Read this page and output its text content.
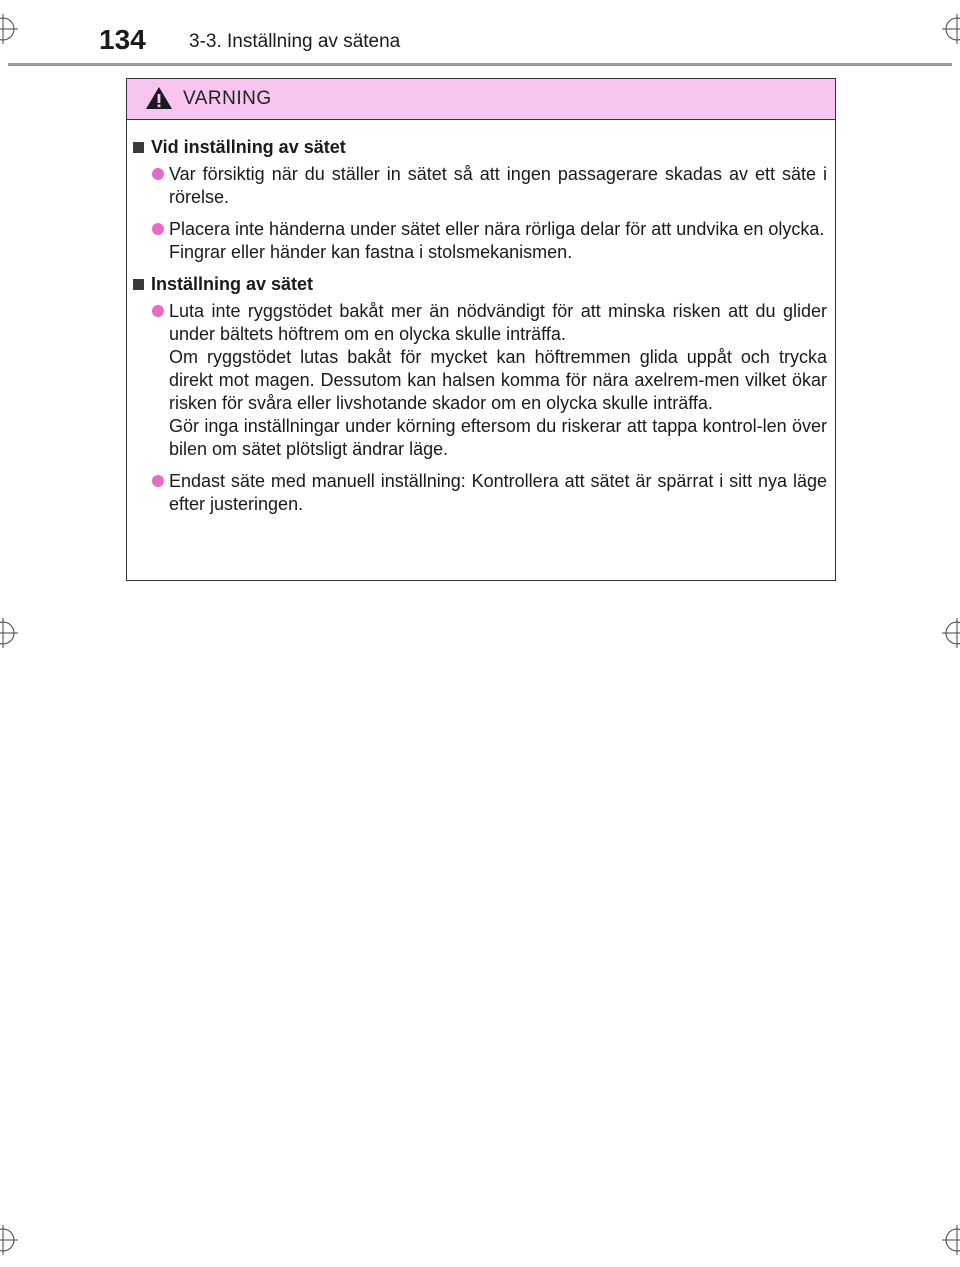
134 3-3. Inställning av sätena
VARNING
Vid inställning av sätet

Var försiktig när du ställer in sätet så att ingen passagerare skadas av ett säte i rörelse.

Placera inte händerna under sätet eller nära rörliga delar för att undvika en olycka.

Fingrar eller händer kan fastna i stolsmekanismen.

Inställning av sätet

Luta inte ryggstödet bakåt mer än nödvändigt för att minska risken att du glider under bältets höftrem om en olycka skulle inträffa.

Om ryggstödet lutas bakåt för mycket kan höftremmen glida uppåt och trycka direkt mot magen. Dessutom kan halsen komma för nära axelrem-men vilket ökar risken för svåra eller livshotande skador om en olycka skulle inträffa.

Gör inga inställningar under körning eftersom du riskerar att tappa kontrol-len över bilen om sätet plötsligt ändrar läge.

Endast säte med manuell inställning: Kontrollera att sätet är spärrat i sitt nya läge efter justeringen.
